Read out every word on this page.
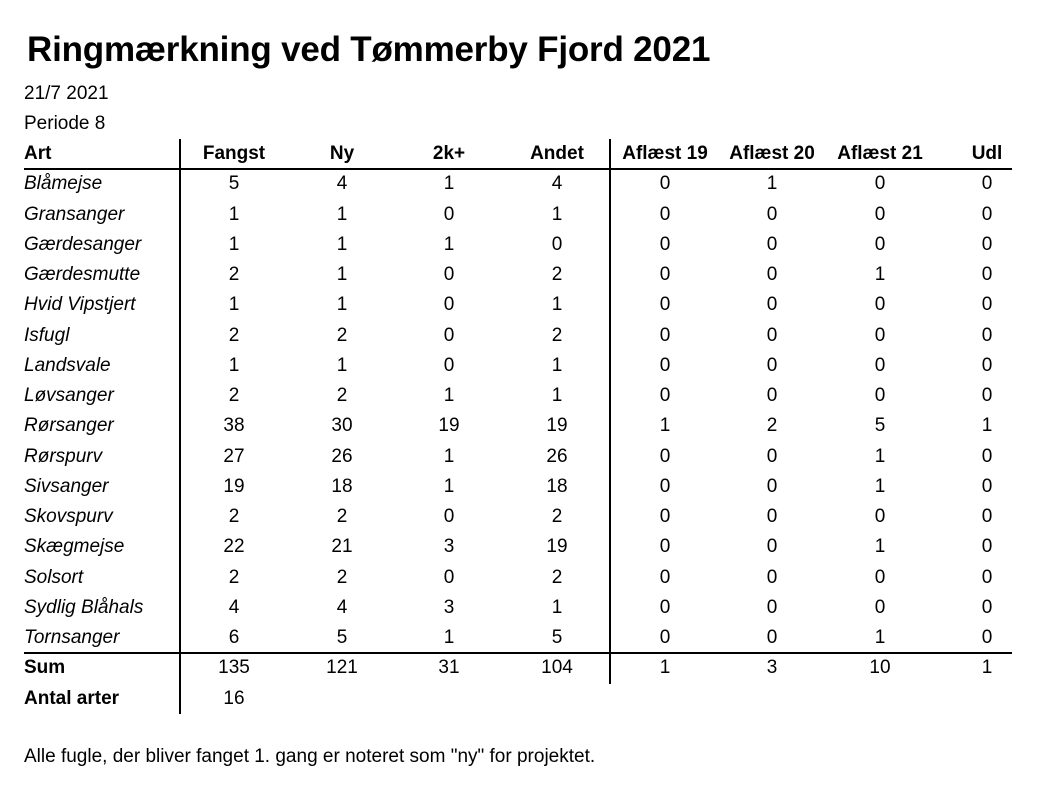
Ringmærkning ved Tømmerby Fjord 2021
21/7 2021
Periode 8
Art	Fangst	Ny	2k+	Andet	Aflæst 19	Aflæst 20	Aflæst 21	Udl
Blåmejse	5	4	1	4	0	1	0	0
Gransanger	1	1	0	1	0	0	0	0
Gærdesanger	1	1	1	0	0	0	0	0
Gærdesmutte	2	1	0	2	0	0	1	0
Hvid Vipstjert	1	1	0	1	0	0	0	0
Isfugl	2	2	0	2	0	0	0	0
Landsvale	1	1	0	1	0	0	0	0
Løvsanger	2	2	1	1	0	0	0	0
Rørsanger	38	30	19	19	1	2	5	1
Rørspurv	27	26	1	26	0	0	1	0
Sivsanger	19	18	1	18	0	0	1	0
Skovspurv	2	2	0	2	0	0	0	0
Skægmejse	22	21	3	19	0	0	1	0
Solsort	2	2	0	2	0	0	0	0
Sydlig Blåhals	4	4	3	1	0	0	0	0
Tornsanger	6	5	1	5	0	0	1	0
Sum	135	121	31	104	1	3	10	1
Antal arter	16
Alle fugle, der bliver fanget 1. gang er noteret som "ny" for projektet.
